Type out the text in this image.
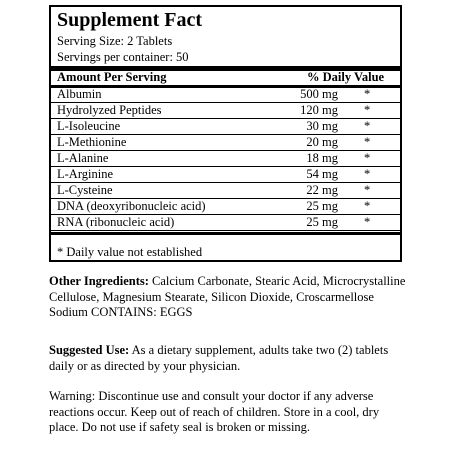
Supplement Fact
Serving Size: 2 Tablets
Servings per container: 50
Amount Per Serving	% Daily Value
Albumin	500 mg *
Hydrolyzed Peptides	120 mg *
L-Isoleucine	30 mg *
L-Methionine	20 mg *
L-Alanine	18 mg *
L-Arginine	54 mg *
L-Cysteine	22 mg *
DNA (deoxyribonucleic acid)	25 mg *
RNA (ribonucleic acid)	25 mg *
* Daily value not established
Other Ingredients: Calcium Carbonate, Stearic Acid, Microcrystalline Cellulose, Magnesium Stearate, Silicon Dioxide, Croscarmellose Sodium CONTAINS: EGGS
Suggested Use: As a dietary supplement, adults take two (2) tablets daily or as directed by your physician.
Warning: Discontinue use and consult your doctor if any adverse reactions occur. Keep out of reach of children. Store in a cool, dry place. Do not use if safety seal is broken or missing.
